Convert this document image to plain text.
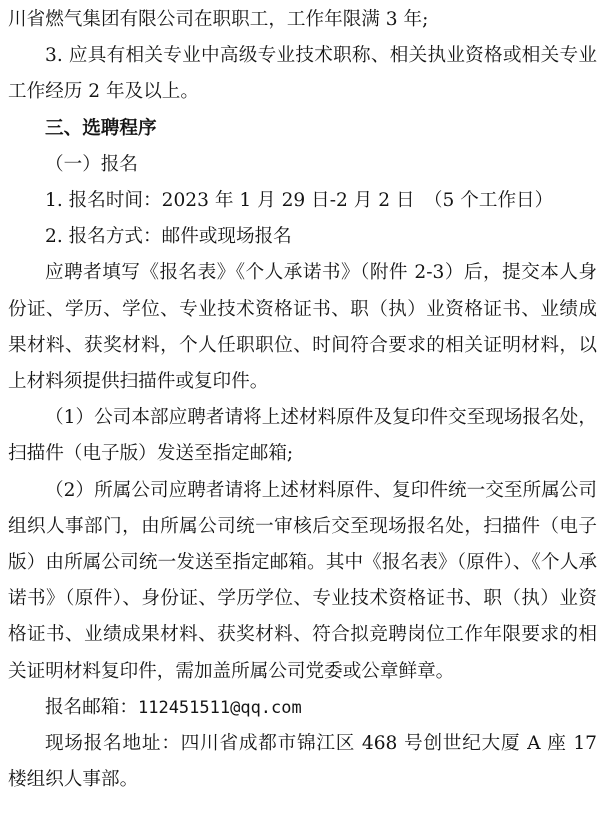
川省燃气集团有限公司在职职工，工作年限满 3 年;

3. 应具有相关专业中高级专业技术职称、相关执业资格或相关专业工作经历 2 年及以上。

三、选聘程序

（一）报名

1. 报名时间：2023 年 1 月 29 日-2 月 2 日　（5 个工作日）

2. 报名方式：邮件或现场报名

应聘者填写《报名表》《个人承诺书》（附件 2-3）后，提交本人身份证、学历、学位、专业技术资格证书、职（执）业资格证书、业绩成果材料、获奖材料，个人任职职位、时间符合要求的相关证明材料，以上材料须提供扫描件或复印件。

（1）公司本部应聘者请将上述材料原件及复印件交至现场报名处，扫描件（电子版）发送至指定邮箱;

（2）所属公司应聘者请将上述材料原件、复印件统一交至所属公司组织人事部门，由所属公司统一审核后交至现场报名处，扫描件（电子版）由所属公司统一发送至指定邮箱。其中《报名表》（原件）、《个人承诺书》（原件）、身份证、学历学位、专业技术资格证书、职（执）业资格证书、业绩成果材料、获奖材料、符合拟竞聘岗位工作年限要求的相关证明材料复印件，需加盖所属公司党委或公章鲜章。

报名邮箱：112451511@qq.com

现场报名地址：四川省成都市锦江区 468 号创世纪大厦 A 座 17 楼组织人事部。
